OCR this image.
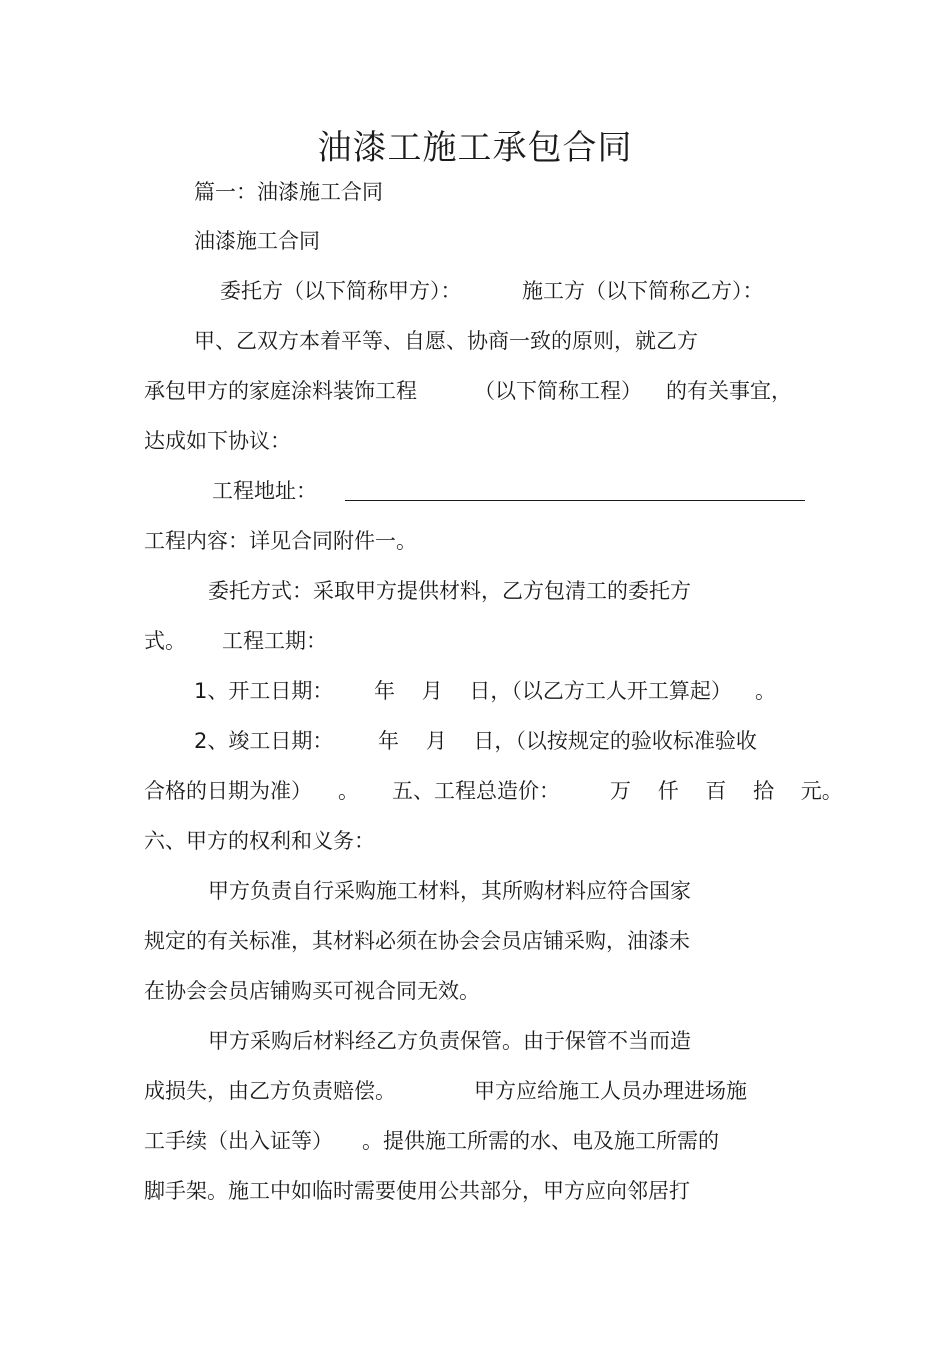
油漆工施工承包合同
篇一：油漆施工合同
油漆施工合同
委托方（以下简称甲方）：	施工方（以下简称乙方）：
甲、乙双方本着平等、自愿、协商一致的原则，就乙方
承包甲方的家庭涂料装饰工程	（以下简称工程） 的有关事宜，
达成如下协议：
工程地址：
工程内容：详见合同附件一。
委托方式：采取甲方提供材料，乙方包清工的委托方
式。 工程工期：
1、开工日期： 年    月    日，（以乙方工人开工算起） 。
2、竣工日期： 年    月    日，（以按规定的验收标准验收
合格的日期为准） 。 五、工程总造价： 万    仟    百    拾    元。
六、甲方的权利和义务：
甲方负责自行采购施工材料，其所购材料应符合国家
规定的有关标准，其材料必须在协会会员店铺采购，油漆未
在协会会员店铺购买可视合同无效。
甲方采购后材料经乙方负责保管。由于保管不当而造
成损失，由乙方负责赔偿。	甲方应给施工人员办理进场施
工手续（出入证等） 。提供施工所需的水、电及施工所需的
脚手架。施工中如临时需要使用公共部分，甲方应向邻居打
